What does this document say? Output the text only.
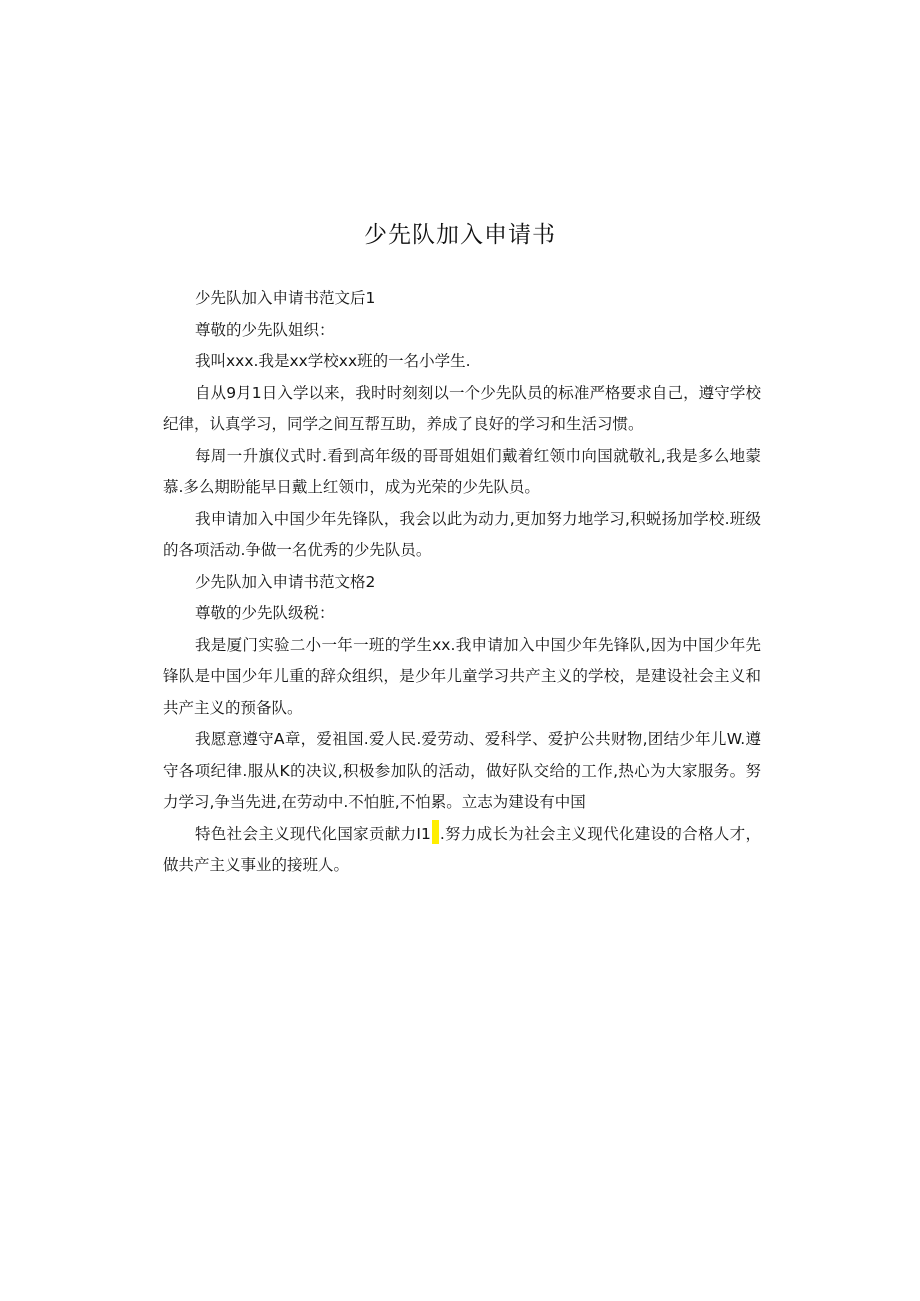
少先队加入申请书

少先队加入申请书范文后1

尊敬的少先队姐织：

我叫xxx.我是xx学校xx班的一名小学生.

自从9月1日入学以来，我时时刻刻以一个少先队员的标准严格要求自己，遵守学校纪律，认真学习，同学之间互帮互助，养成了良好的学习和生活习惯。

每周一升旗仪式时.看到高年级的哥哥姐姐们戴着红领巾向国就敬礼,我是多么地蒙慕.多么期盼能早日戴上红领巾，成为光荣的少先队员。

我申请加入中国少年先锋队，我会以此为动力,更加努力地学习,积蜕扬加学校.班级的各项活动.争做一名优秀的少先队员。

少先队加入申请书范文格2

尊敬的少先队级税：

我是厦门实验二小一年一班的学生xx.我申请加入中国少年先锋队,因为中国少年先锋队是中国少年儿重的辞众组织，是少年儿童学习共产主义的学校，是建设社会主义和共产主义的预备队。

我愿意遵守A章，爱祖国.爱人民.爱劳动、爱科学、爱护公共财物,团结少年儿W.遵守各项纪律.服从K的决议,积极参加队的活动，做好队交给的工作,热心为大家服务。努力学习,争当先进,在劳动中.不怕脏,不怕累。立志为建设有中国

特色社会主义现代化国家贡献力I1 .努力成长为社会主义现代化建设的合格人才，做共产主义事业的接班人。
